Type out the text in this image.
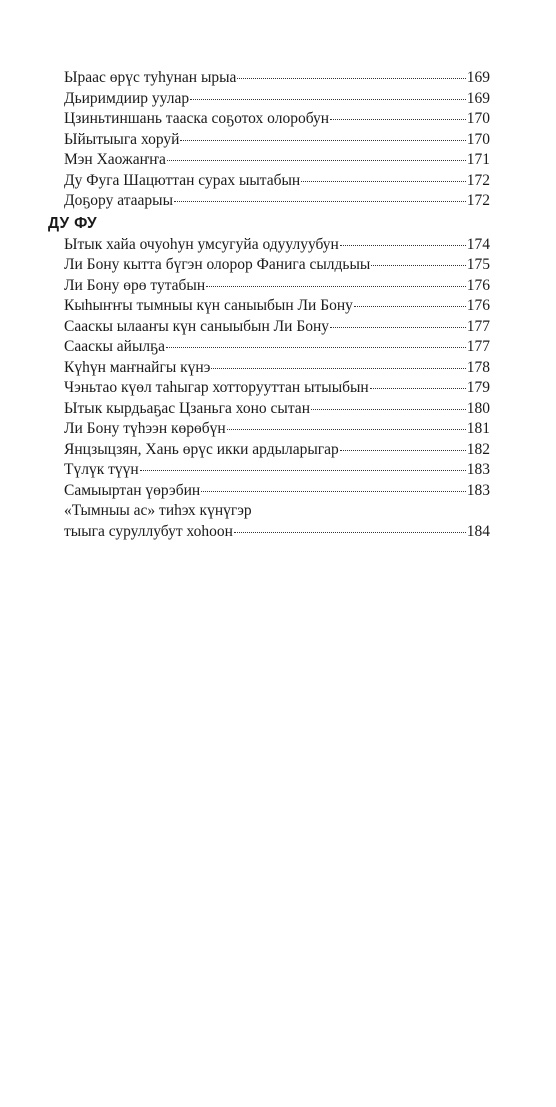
Ыраас өрүс туһунан ырыа	169
Дьиримдиир уулар	169
Цзиньтиншань тааска соҕотох олоробун	170
Ыйытыыга хоруй	170
Мэн Хаожаҥҥа	171
Ду Фуга Шацюттан сурах ыытабын	172
Доҕору атаарыы	172
ДУ ФУ
Ытык хайа очуоһун умсугуйа одуулуубун	174
Ли Бону кытта бүгэн олорор Фанига сылдьыы	175
Ли Бону өрө тутабын	176
Кыһыҥҥы тымныы күн саныыбын Ли Бону	176
Сааскы ылааҥы күн саныыбын Ли Бону	177
Сааскы айылҕа	177
Күһүн маҥнайгы күнэ	178
Чэньтао күөл таһыгар хотторууттан ытыыбын	179
Ытык кырдьаҕас Цзаньга хоно сытан	180
Ли Бону түһээн көрөбүн	181
Янцзыцзян, Хань өрүс икки ардыларыгар	182
Түлүк түүн	183
Самыыртан үөрэбин	183
«Тымныы ас» тиһэх күнүгэр
тыыга суруллубут хоһоон	184
